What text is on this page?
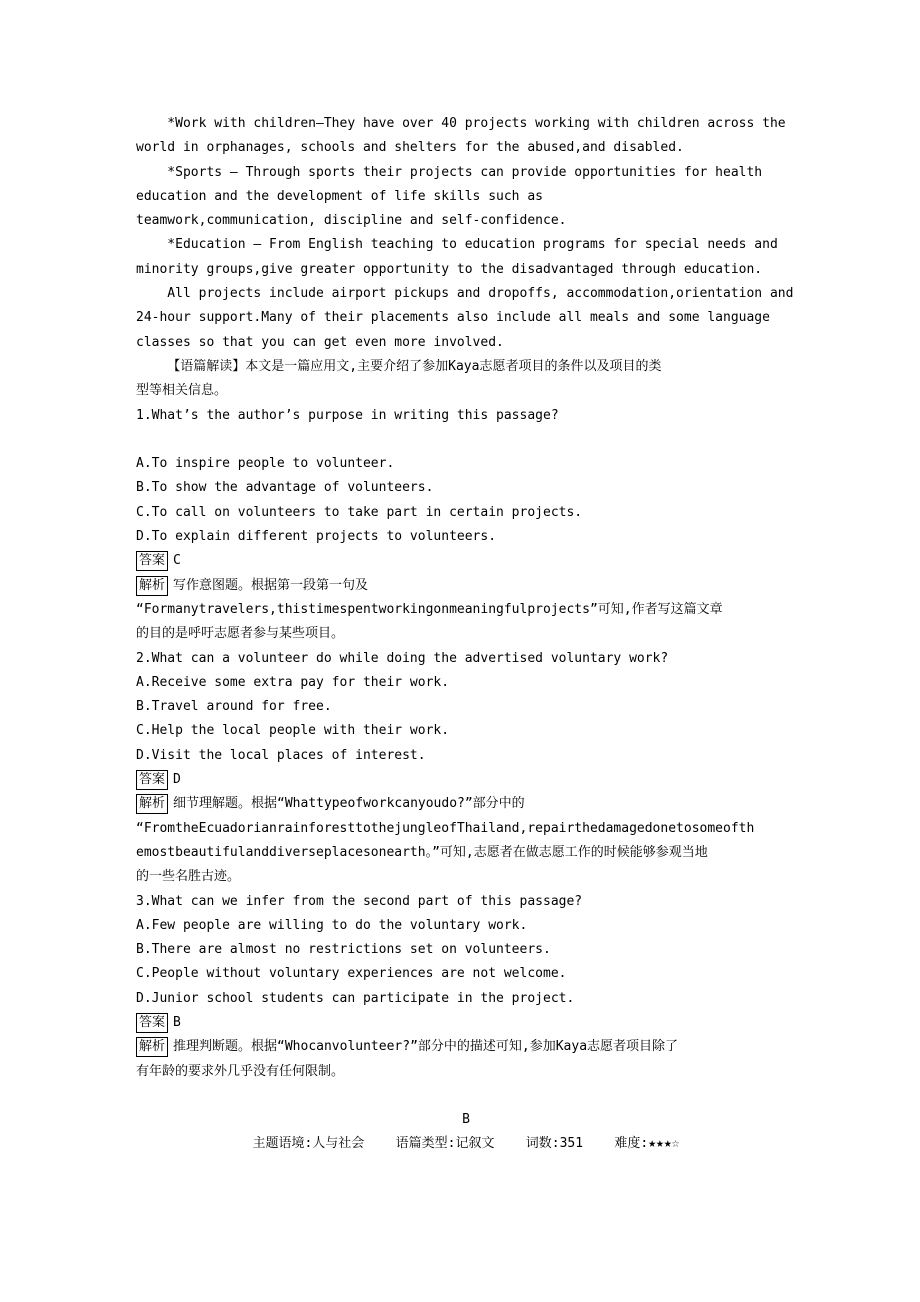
*Work with children—They have over 40 projects working with children across the
world in orphanages, schools and shelters for the abused,and disabled.
*Sports — Through sports their projects can provide opportunities for health
education and the development of life skills such as
teamwork,communication, discipline and self-confidence.
*Education — From English teaching to education programs for special needs and
minority groups,give greater opportunity to the disadvantaged through education.
All projects include airport pickups and dropoffs, accommodation,orientation and
24-hour support.Many of their placements also include all meals and some language
classes so that you can get even more involved.
【语篇解读】本文是一篇应用文,主要介绍了参加Kaya志愿者项目的条件以及项目的类
型等相关信息。
1.What’s the author’s purpose in writing this passage?
A.To inspire people to volunteer.
B.To show the advantage of volunteers.
C.To call on volunteers to take part in certain projects.
D.To explain different projects to volunteers.
答案 C
解析 写作意图题。根据第一段第一句及
“Formanytravelers,thistimespentworkingonmeaningfulprojects”可知,作者写这篇文章
的目的是呼吁志愿者参与某些项目。
2.What can a volunteer do while doing the advertised voluntary work?
A.Receive some extra pay for their work.
B.Travel around for free.
C.Help the local people with their work.
D.Visit the local places of interest.
答案 D
解析 细节理解题。根据“Whattypeofworkcanyoudo?”部分中的
“FromtheEcuadorianrainforesttothejungleofThailand,repairthedamagedonetosomeofth
emostbeautifulanddiverseplacesonearth。”可知,志愿者在做志愿工作的时候能够参观当地
的一些名胜古迹。
3.What can we infer from the second part of this passage?
A.Few people are willing to do the voluntary work.
B.There are almost no restrictions set on volunteers.
C.People without voluntary experiences are not welcome.
D.Junior school students can participate in the project.
答案 B
解析 推理判断题。根据“Whocanvolunteer?”部分中的描述可知,参加Kaya志愿者项目除了
有年龄的要求外几乎没有任何限制。
B
主题语境:人与社会    语篇类型:记叙文    词数:351    难度:★★★☆
